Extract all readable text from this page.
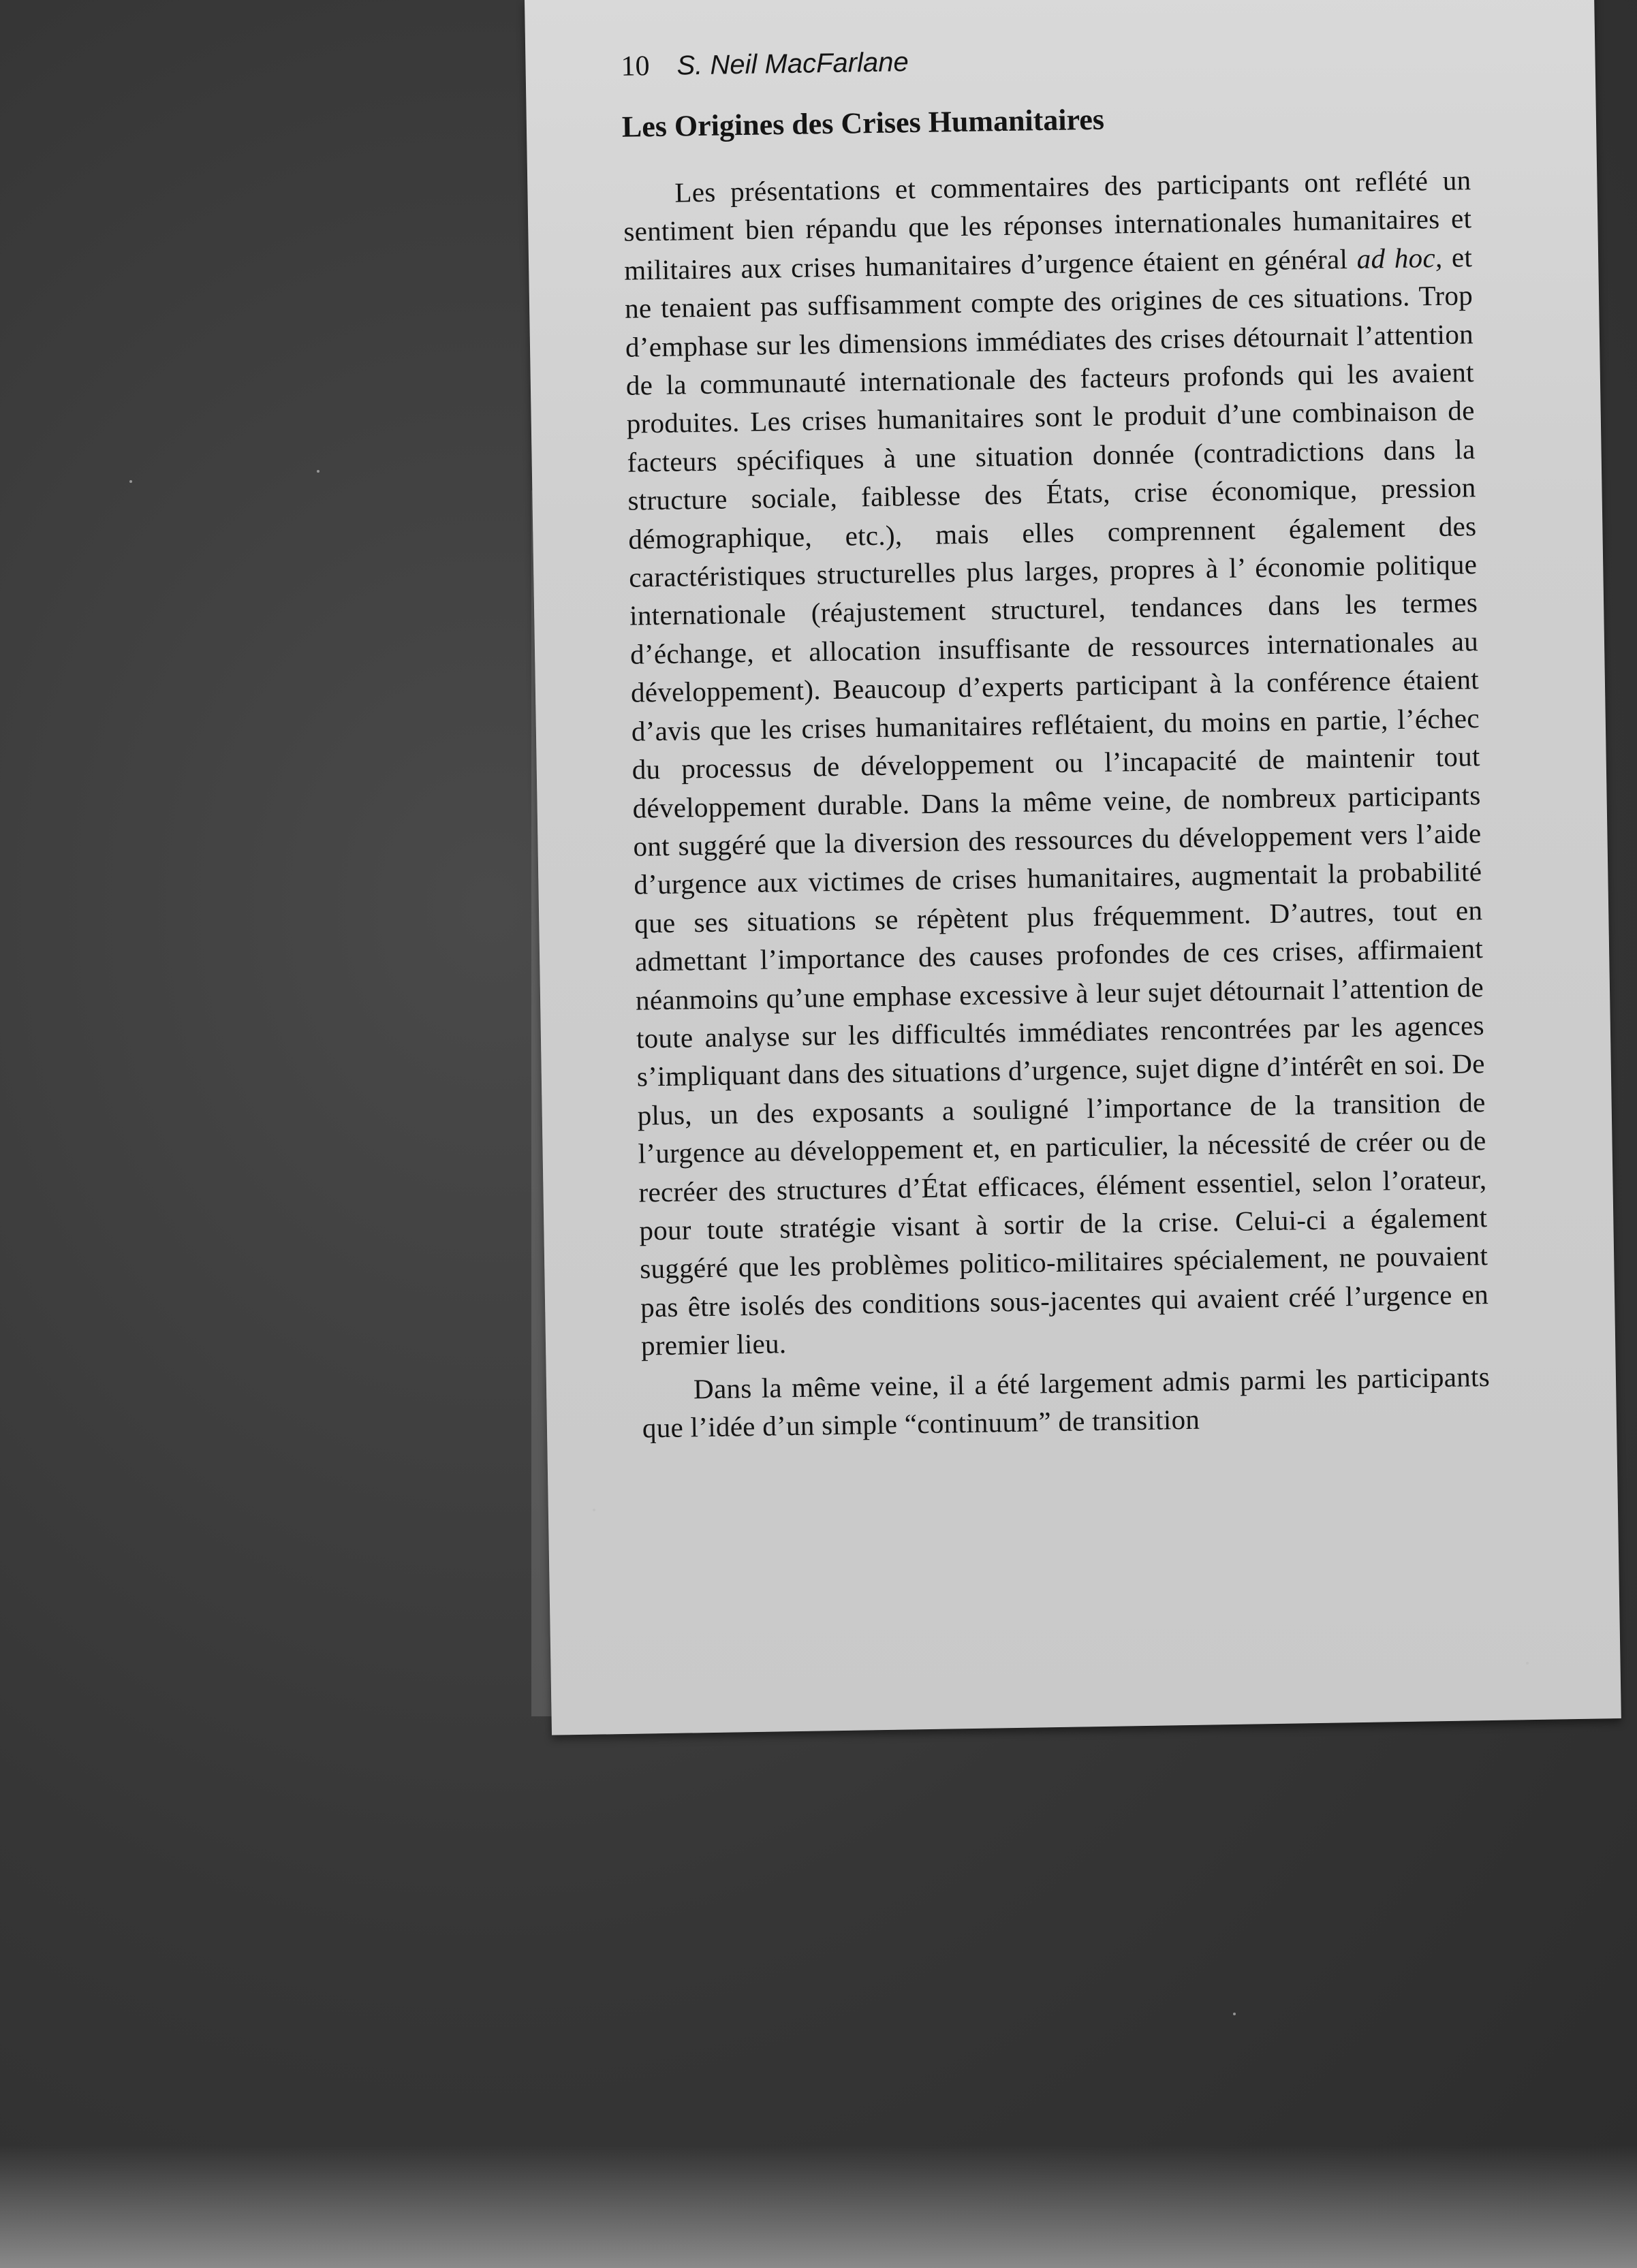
10 S. Neil MacFarlane
Les Origines des Crises Humanitaires

Les présentations et commentaires des participants ont reflété un sentiment bien répandu que les réponses internationales humanitaires et militaires aux crises humanitaires d’urgence étaient en général ad hoc, et ne tenaient pas suffisamment compte des origines de ces situations. Trop d’emphase sur les dimensions immédiates des crises détournait l’attention de la communauté internationale des facteurs profonds qui les avaient produites. Les crises humanitaires sont le produit d’une combinaison de facteurs spécifiques à une situation donnée (contradictions dans la structure sociale, faiblesse des États, crise économique, pression démographique, etc.), mais elles comprennent également des caractéristiques structurelles plus larges, propres à l’ économie politique internationale (réajustement structurel, tendances dans les termes d’échange, et allocation insuffisante de ressources internationales au développement). Beaucoup d’experts participant à la conférence étaient d’avis que les crises humanitaires reflétaient, du moins en partie, l’échec du processus de développement ou l’incapacité de maintenir tout développement durable. Dans la même veine, de nombreux participants ont suggéré que la diversion des ressources du développement vers l’aide d’urgence aux victimes de crises humanitaires, augmentait la probabilité que ses situations se répètent plus fréquemment. D’autres, tout en admettant l’importance des causes profondes de ces crises, affirmaient néanmoins qu’une emphase excessive à leur sujet détournait l’attention de toute analyse sur les difficultés immédiates rencontrées par les agences s’impliquant dans des situations d’urgence, sujet digne d’intérêt en soi. De plus, un des exposants a souligné l’importance de la transition de l’urgence au développement et, en particulier, la nécessité de créer ou de recréer des structures d’État efficaces, élément essentiel, selon l’orateur, pour toute stratégie visant à sortir de la crise. Celui-ci a également suggéré que les problèmes politico-militaires spécialement, ne pouvaient pas être isolés des conditions sous-jacentes qui avaient créé l’urgence en premier lieu.

Dans la même veine, il a été largement admis parmi les participants que l’idée d’un simple “continuum” de transition
